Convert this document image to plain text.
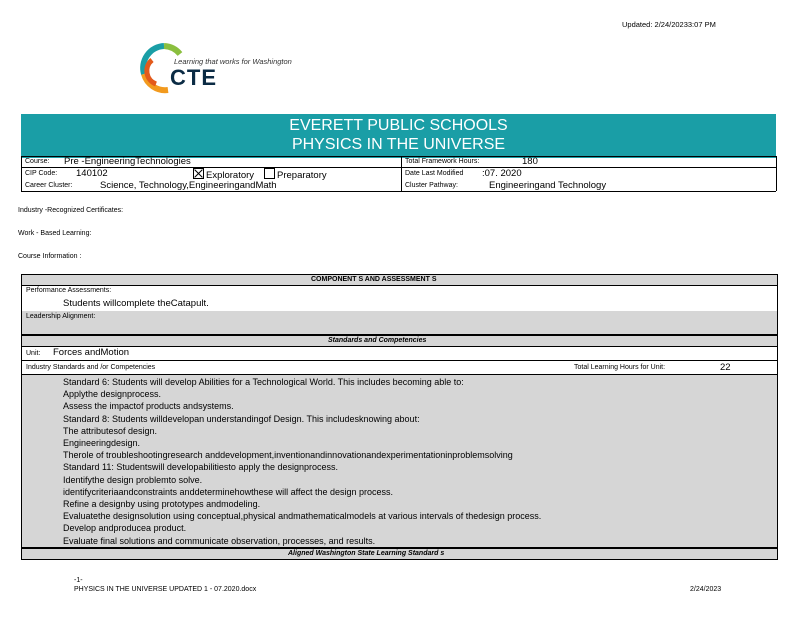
Updated: 2/24/20233:07 PM
Learning that works for Washington
CTE
EVERETT PUBLIC SCHOOLS
PHYSICS IN THE UNIVERSE
Course: Pre -EngineeringTechnologies	Total Framework Hours:	180
CIP Code: 140102	Exploratory	Preparatory	Date Last Modified :07. 2020
Career Cluster:	Science, Technology,EngineeringandMath	Cluster Pathway:	Engineeringand Technology
Industry -Recognized Certificates:
Work - Based Learning:
Course Information :
COMPONENT S AND ASSESSMENT S
Performance Assessments:
Students willcomplete theCatapult.
Leadership Alignment:
Standards and Competencies
Unit: Forces andMotion
Industry Standards and /or Competencies	Total Learning Hours for Unit:	22
Standard 6: Students will develop Abilities for a Technological World. This includes becoming able to:
Applythe designprocess.
Assess the impactof products andsystems.
Standard 8: Students willdevelopan understandingof Design. This includesknowing about:
The attributesof design.
Engineeringdesign.
Therole of troubleshootingresearch anddevelopment,inventionandinnovationandexperimentationinproblemsolving
Standard 11: Studentswill developabilitiesto apply the designprocess.
Identifythe design problemto solve.
identifycriteriaandconstraints anddeterminehowthese will affect the design process.
Refine a designby using prototypes andmodeling.
Evaluatethe designsolution using conceptual,physical andmathematicalmodels at various intervals of thedesign process.
Develop andproducea product.
Evaluate final solutions and communicate observation, processes, and results.
Aligned Washington State Learning Standard s
-1-
PHYSICS IN THE UNIVERSE UPDATED 1 - 07.2020.docx	2/24/2023
